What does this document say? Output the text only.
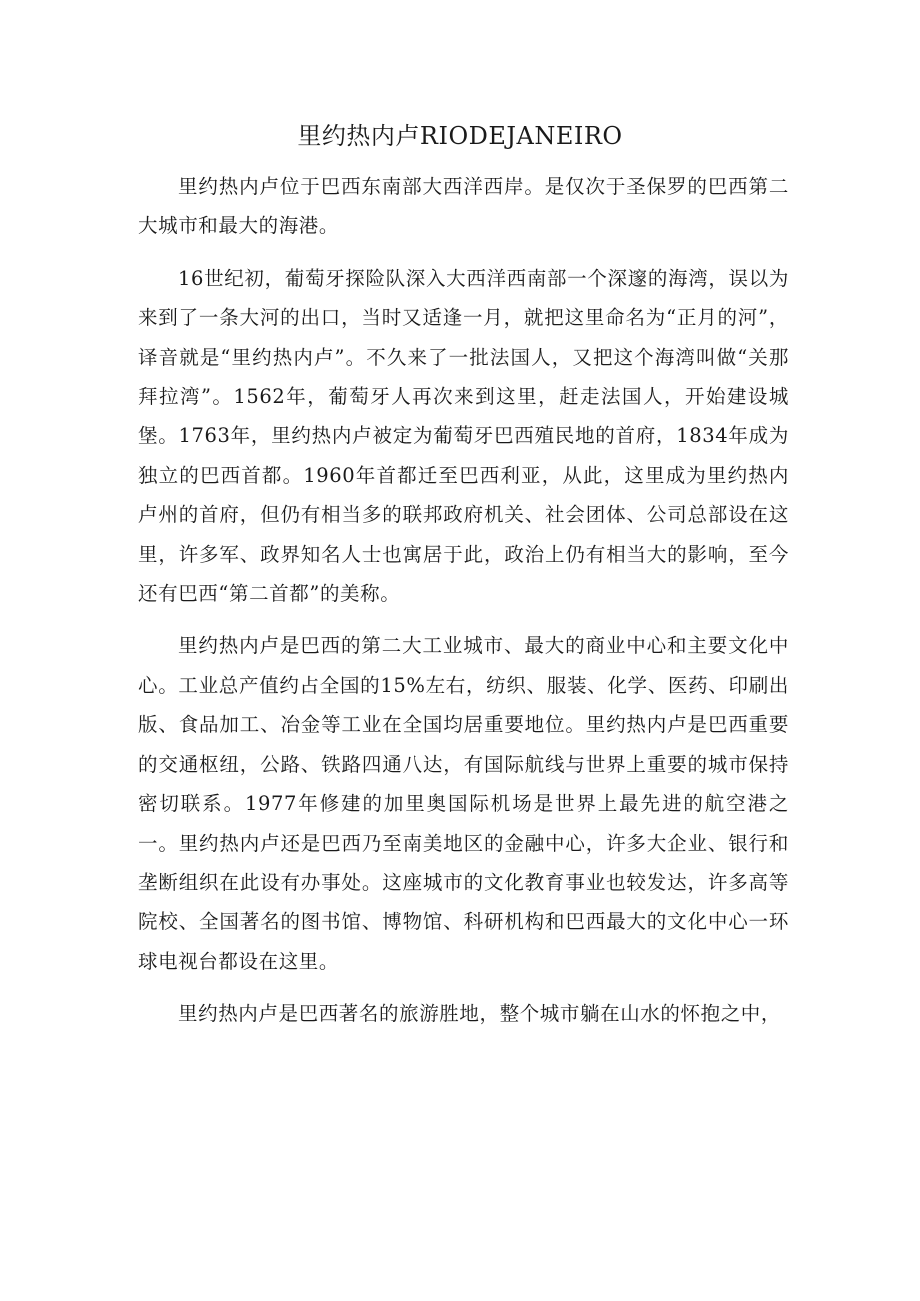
里约热内卢RIODEJANEIRO

里约热内卢位于巴西东南部大西洋西岸。是仅次于圣保罗的巴西第二大城市和最大的海港。

16世纪初，葡萄牙探险队深入大西洋西南部一个深邃的海湾，误以为来到了一条大河的出口，当时又适逢一月，就把这里命名为“正月的河”，译音就是“里约热内卢”。不久来了一批法国人，又把这个海湾叫做“关那拜拉湾”。1562年，葡萄牙人再次来到这里，赶走法国人，开始建设城堡。1763年，里约热内卢被定为葡萄牙巴西殖民地的首府，1834年成为独立的巴西首都。1960年首都迁至巴西利亚，从此，这里成为里约热内卢州的首府，但仍有相当多的联邦政府机关、社会团体、公司总部设在这里，许多军、政界知名人士也寓居于此，政治上仍有相当大的影响，至今还有巴西“第二首都”的美称。

里约热内卢是巴西的第二大工业城市、最大的商业中心和主要文化中心。工业总产值约占全国的15%左右，纺织、服装、化学、医药、印刷出版、食品加工、冶金等工业在全国均居重要地位。里约热内卢是巴西重要的交通枢纽，公路、铁路四通八达，有国际航线与世界上重要的城市保持密切联系。1977年修建的加里奥国际机场是世界上最先进的航空港之一。里约热内卢还是巴西乃至南美地区的金融中心，许多大企业、银行和垄断组织在此设有办事处。这座城市的文化教育事业也较发达，许多高等院校、全国著名的图书馆、博物馆、科研机构和巴西最大的文化中心一环球电视台都设在这里。

里约热内卢是巴西著名的旅游胜地，整个城市躺在山水的怀抱之中，
